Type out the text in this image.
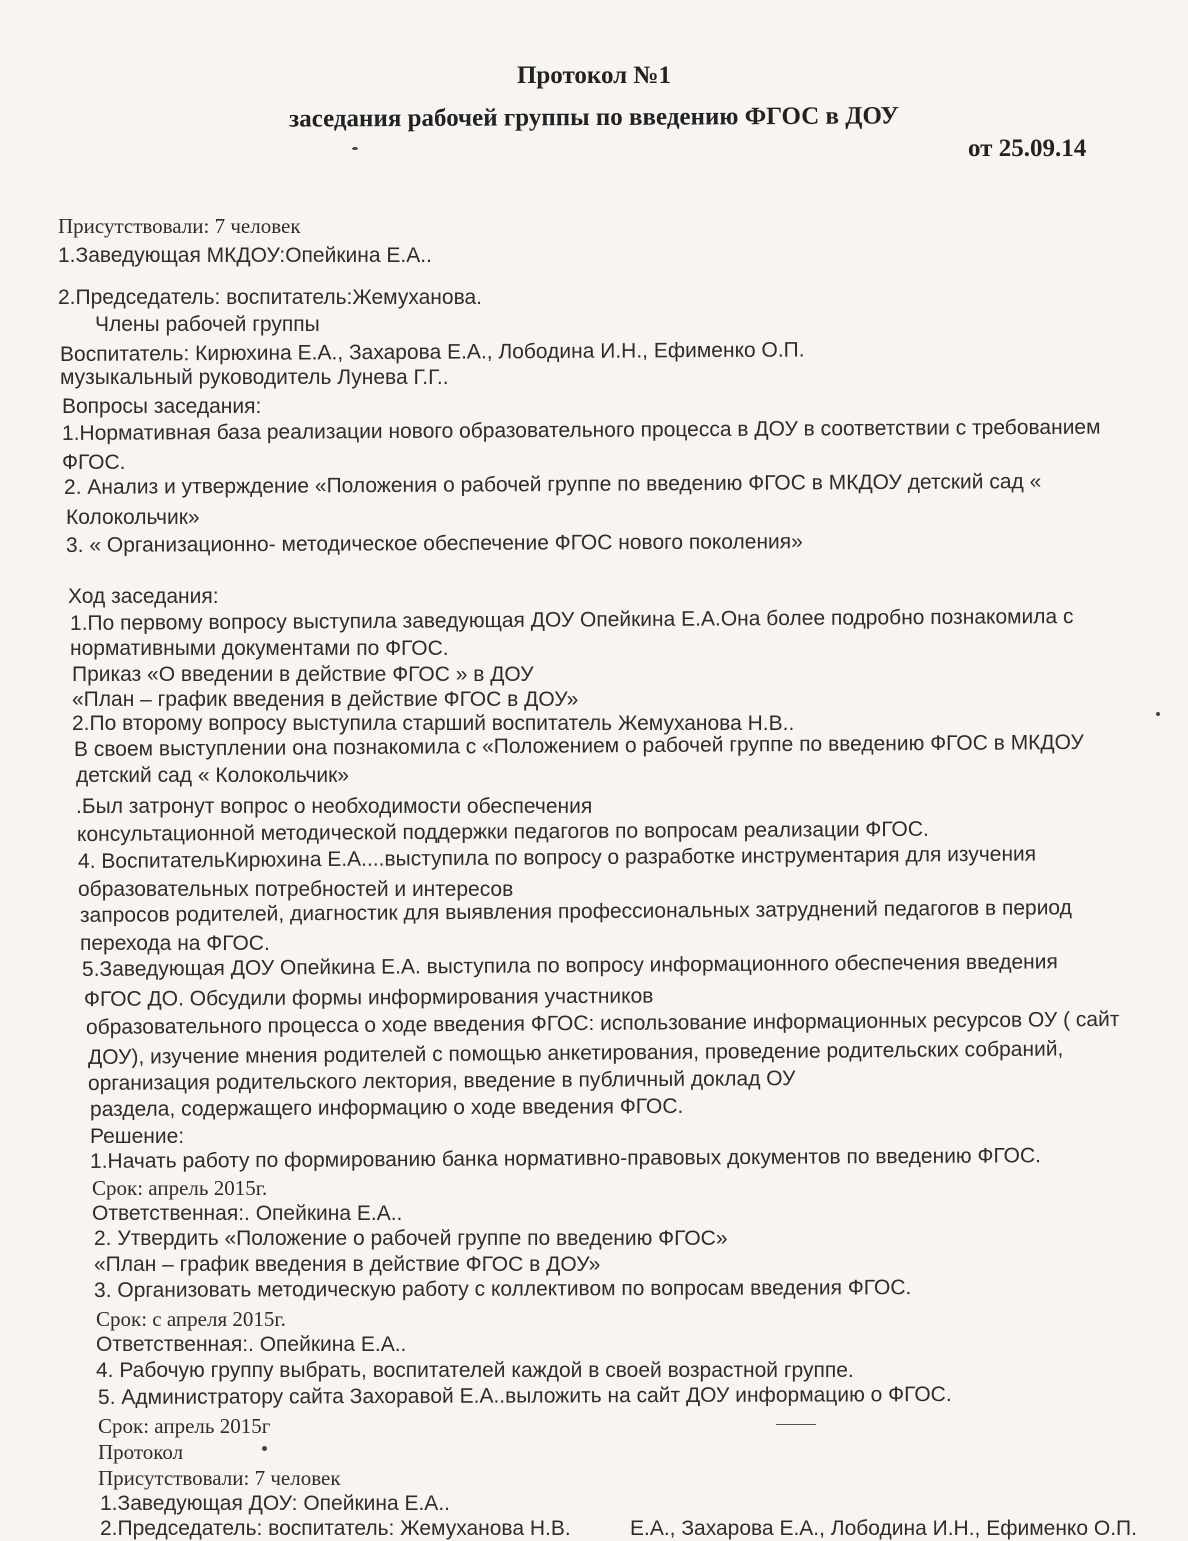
Протокол №1
заседания рабочей группы по введению ФГОС в ДОУ
от 25.09.14
Присутствовали: 7 человек
1.Заведующая МКДОУ:Опейкина Е.А..
2.Председатель: воспитатель:Жемуханова.
Члены рабочей группы
Воспитатель: Кирюхина Е.А., Захарова Е.А., Лободина И.Н., Ефименко О.П.
музыкальный руководитель Лунева Г.Г..
Вопросы заседания:
1.Нормативная база реализации нового образовательного процесса в ДОУ в соответствии с требованием
ФГОС.
2. Анализ и утверждение «Положения о рабочей группе по введению ФГОС в МКДОУ детский сад «
Колокольчик»
3. « Организационно- методическое обеспечение ФГОС нового поколения»
Ход заседания:
1.По первому вопросу выступила заведующая ДОУ Опейкина Е.А.Она более подробно познакомила с
нормативными документами по ФГОС.
Приказ «О введении в действие ФГОС » в ДОУ
«План – график введения в действие ФГОС в ДОУ»
2.По второму вопросу выступила старший воспитатель Жемуханова Н.В..
В своем выступлении она познакомила с «Положением о рабочей группе по введению ФГОС в МКДОУ
детский сад « Колокольчик»
.Был затронут вопрос о необходимости обеспечения
консультационной методической поддержки педагогов по вопросам реализации ФГОС.
4. ВоспитательКирюхина Е.А....выступила по вопросу о разработке инструментария для изучения
образовательных потребностей и интересов
запросов родителей, диагностик для выявления профессиональных затруднений педагогов в период
перехода на ФГОС.
5.Заведующая ДОУ Опейкина Е.А. выступила по вопросу информационного обеспечения введения
ФГОС ДО. Обсудили формы информирования участников
образовательного процесса о ходе введения ФГОС: использование информационных ресурсов ОУ ( сайт
ДОУ), изучение мнения родителей с помощью анкетирования, проведение родительских собраний,
организация родительского лектория, введение в публичный доклад ОУ
раздела, содержащего информацию о ходе введения ФГОС.
Решение:
1.Начать работу по формированию банка нормативно-правовых документов по введению ФГОС.
Срок: апрель 2015г.
Ответственная:. Опейкина Е.А..
2. Утвердить «Положение о рабочей группе по введению ФГОС»
«План – график введения в действие ФГОС в ДОУ»
3. Организовать методическую работу с коллективом по вопросам введения ФГОС.
Срок: с апреля 2015г.
Ответственная:. Опейкина Е.А..
4. Рабочую группу выбрать, воспитателей каждой в своей возрастной группе.
5. Администратору сайта Захоравой Е.А..выложить на сайт ДОУ информацию о ФГОС.
Срок: апрель 2015г
Протокол
Присутствовали: 7 человек
1.Заведующая ДОУ: Опейкина Е.А..
2.Председатель: воспитатель: Жемуханова Н.В.	Е.А., Захарова Е.А., Лободина И.Н., Ефименко О.П.
